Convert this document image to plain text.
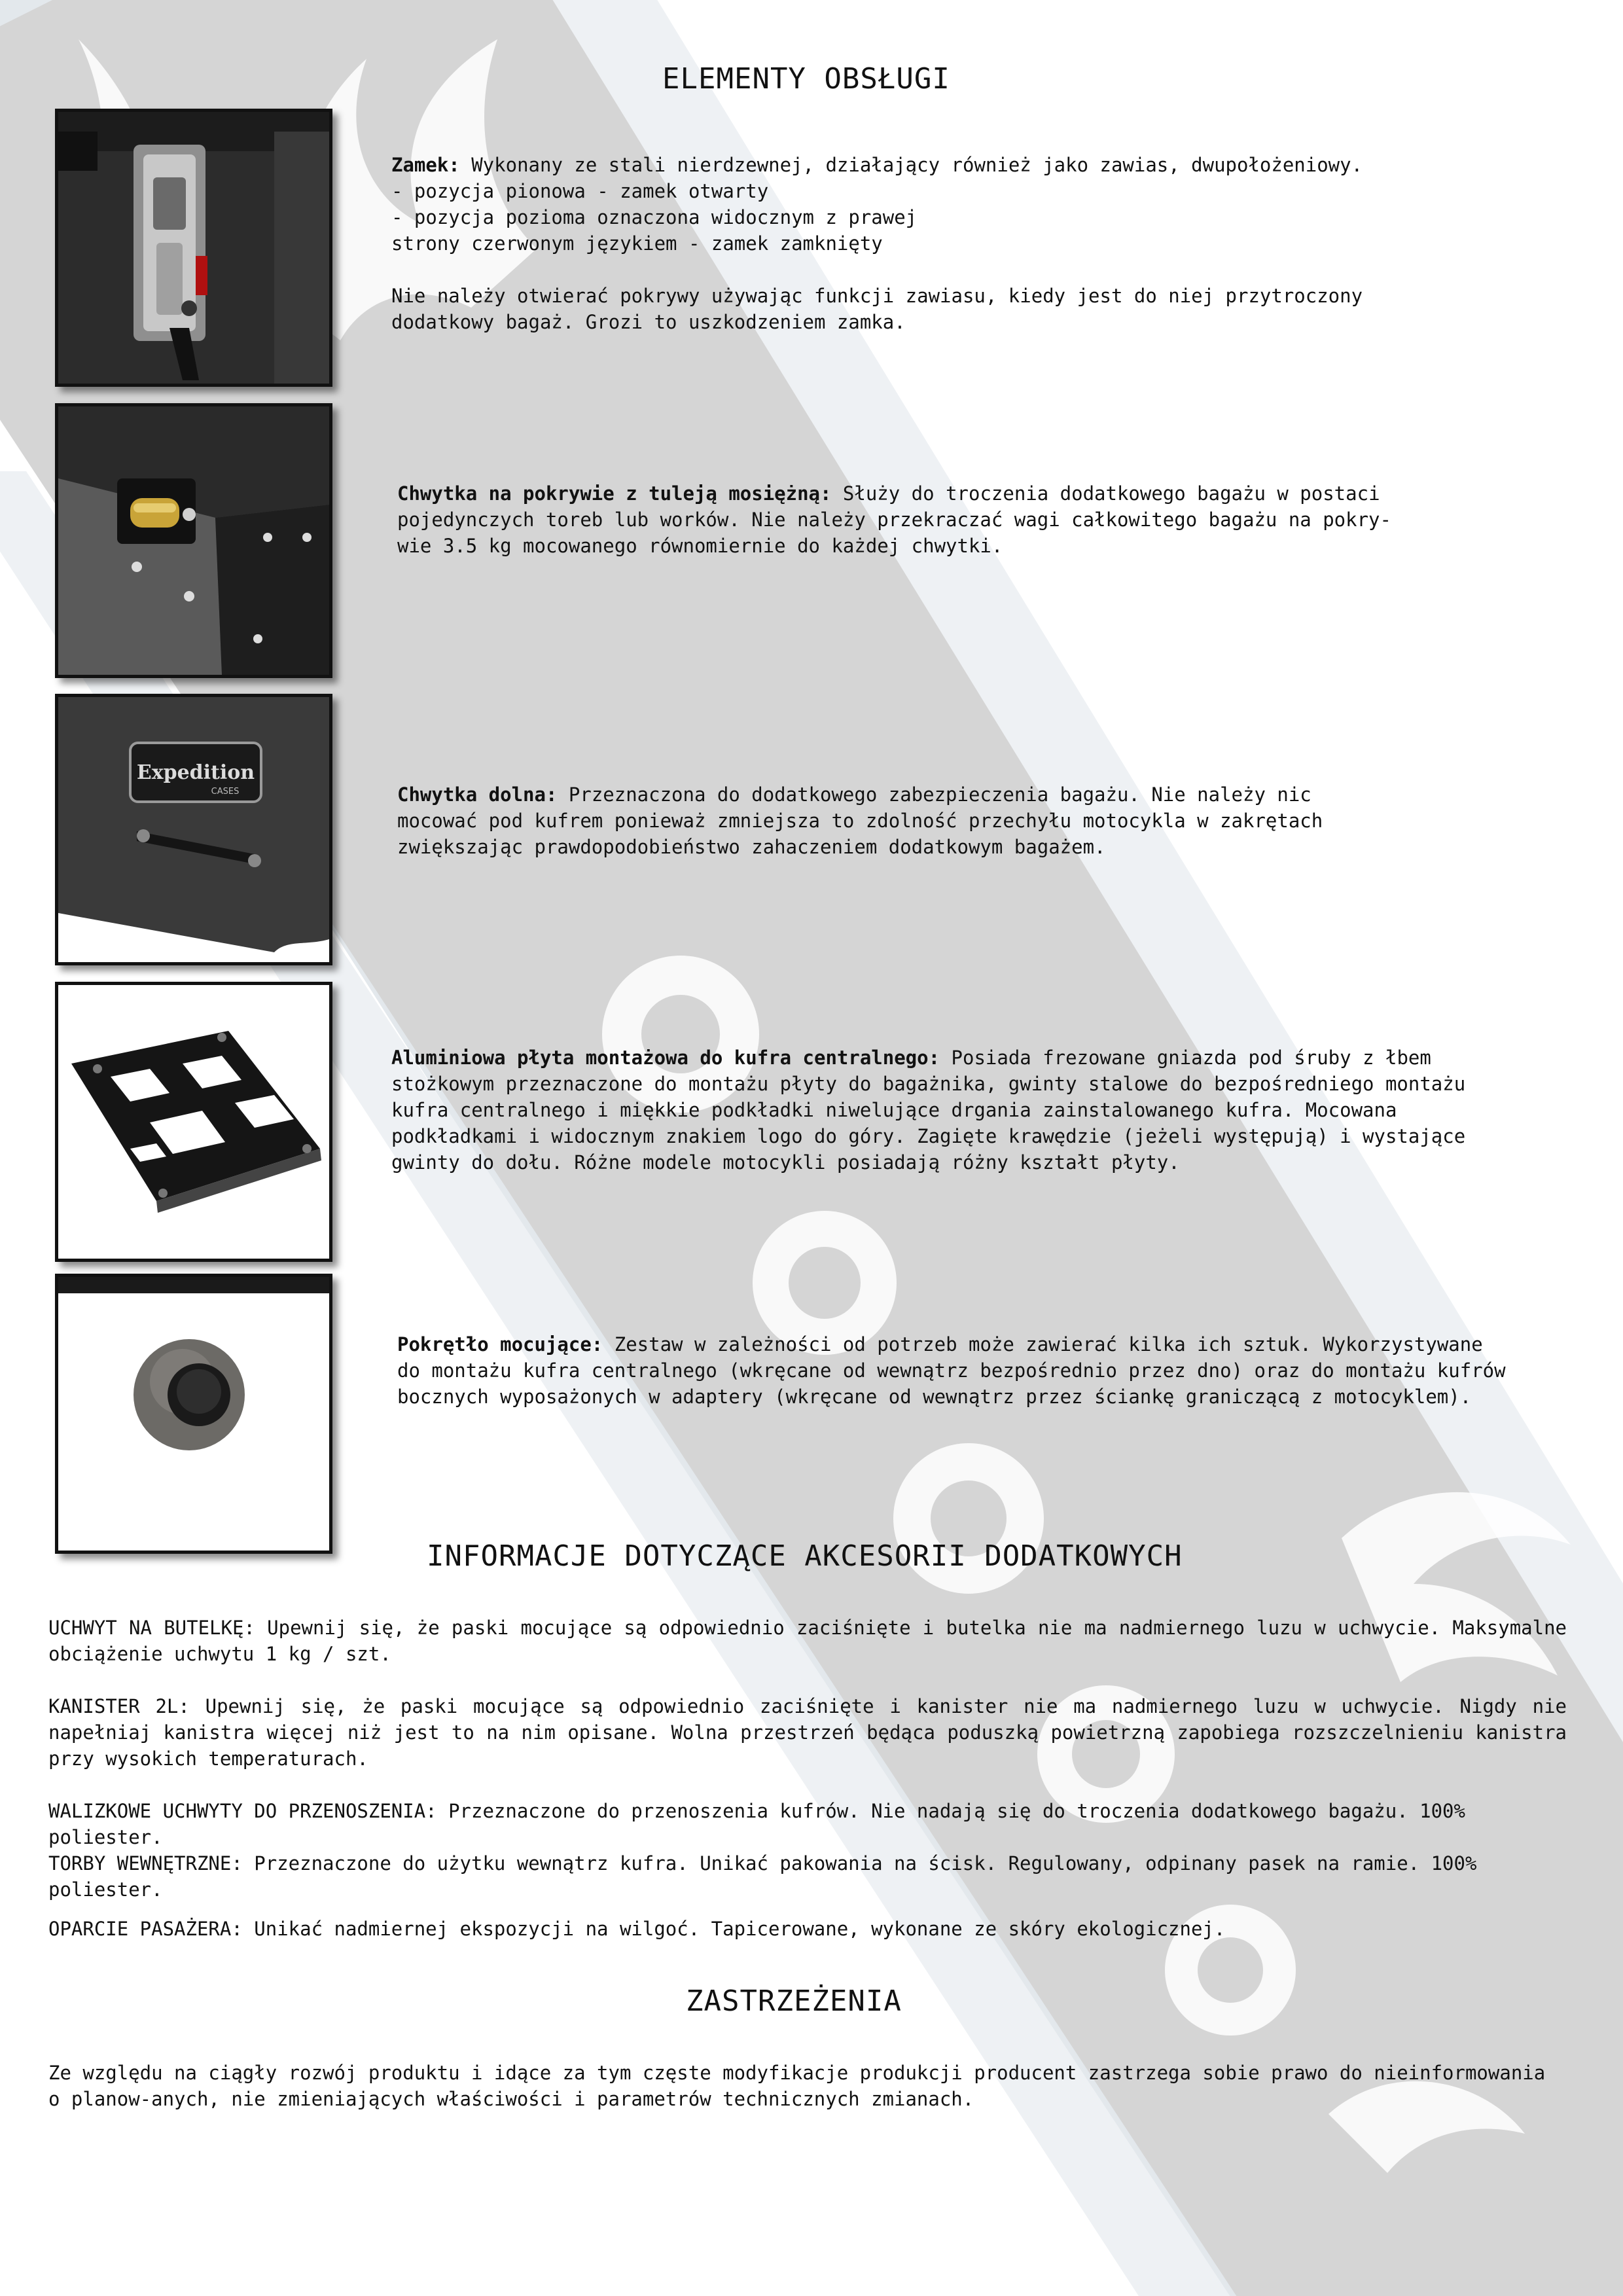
ELEMENTY OBSŁUGI
Zamek: Wykonany ze stali nierdzewnej, działający również jako zawias, dwupołożeniowy.
- pozycja pionowa - zamek otwarty
- pozycja pozioma oznaczona widocznym z prawej
strony czerwonym językiem - zamek zamknięty

Nie należy otwierać pokrywy używając funkcji zawiasu, kiedy jest do niej przytroczony
dodatkowy bagaż. Grozi to uszkodzeniem zamka.
Chwytka na pokrywie z tuleją mosiężną: Służy do troczenia dodatkowego bagażu w postaci
pojedynczych toreb lub worków. Nie należy przekraczać wagi całkowitego bagażu na pokry-
wie 3.5 kg mocowanego równomiernie do każdej chwytki.
Expedition
CASES	Chwytka dolna: Przeznaczona do dodatkowego zabezpieczenia bagażu. Nie należy nic
mocować pod kufrem ponieważ zmniejsza to zdolność przechyłu motocykla w zakrętach
zwiększając prawdopodobieństwo zahaczeniem dodatkowym bagażem.
Aluminiowa płyta montażowa do kufra centralnego: Posiada frezowane gniazda pod śruby z łbem
stożkowym przeznaczone do montażu płyty do bagażnika, gwinty stalowe do bezpośredniego montażu
kufra centralnego i miękkie podkładki niwelujące drgania zainstalowanego kufra. Mocowana
podkładkami i widocznym znakiem logo do góry. Zagięte krawędzie (jeżeli występują) i wystające
gwinty do dołu. Różne modele motocykli posiadają różny kształt płyty.
Pokrętło mocujące: Zestaw w zależności od potrzeb może zawierać kilka ich sztuk. Wykorzystywane
do montażu kufra centralnego (wkręcane od wewnątrz bezpośrednio przez dno) oraz do montażu kufrów
bocznych wyposażonych w adaptery (wkręcane od wewnątrz przez ściankę graniczącą z motocyklem).
INFORMACJE DOTYCZĄCE AKCESORII DODATKOWYCH
UCHWYT NA BUTELKĘ: Upewnij się, że paski mocujące są odpowiednio zaciśnięte i butelka nie ma nadmiernego luzu w uchwycie. Maksymalne obciążenie uchwytu 1 kg / szt.
KANISTER 2L: Upewnij się, że paski mocujące są odpowiednio zaciśnięte i kanister nie ma nadmiernego luzu w uchwycie. Nigdy nie napełniaj kanistra więcej niż jest to na nim opisane. Wolna przestrzeń będąca poduszką powietrzną zapobiega rozszczelnieniu kanistra przy wysokich temperaturach.
WALIZKOWE UCHWYTY DO PRZENOSZENIA: Przeznaczone do przenoszenia kufrów. Nie nadają się do troczenia dodatkowego bagażu. 100% poliester.
TORBY WEWNĘTRZNE: Przeznaczone do użytku wewnątrz kufra. Unikać pakowania na ścisk. Regulowany, odpinany pasek na ramie. 100% poliester.
OPARCIE PASAŻERA: Unikać nadmiernej ekspozycji na wilgoć. Tapicerowane, wykonane ze skóry ekologicznej.
ZASTRZEŻENIA
Ze względu na ciągły rozwój produktu i idące za tym częste modyfikacje produkcji producent zastrzega sobie prawo do nieinformowania o planow-anych, nie zmieniających właściwości i parametrów technicznych zmianach.
